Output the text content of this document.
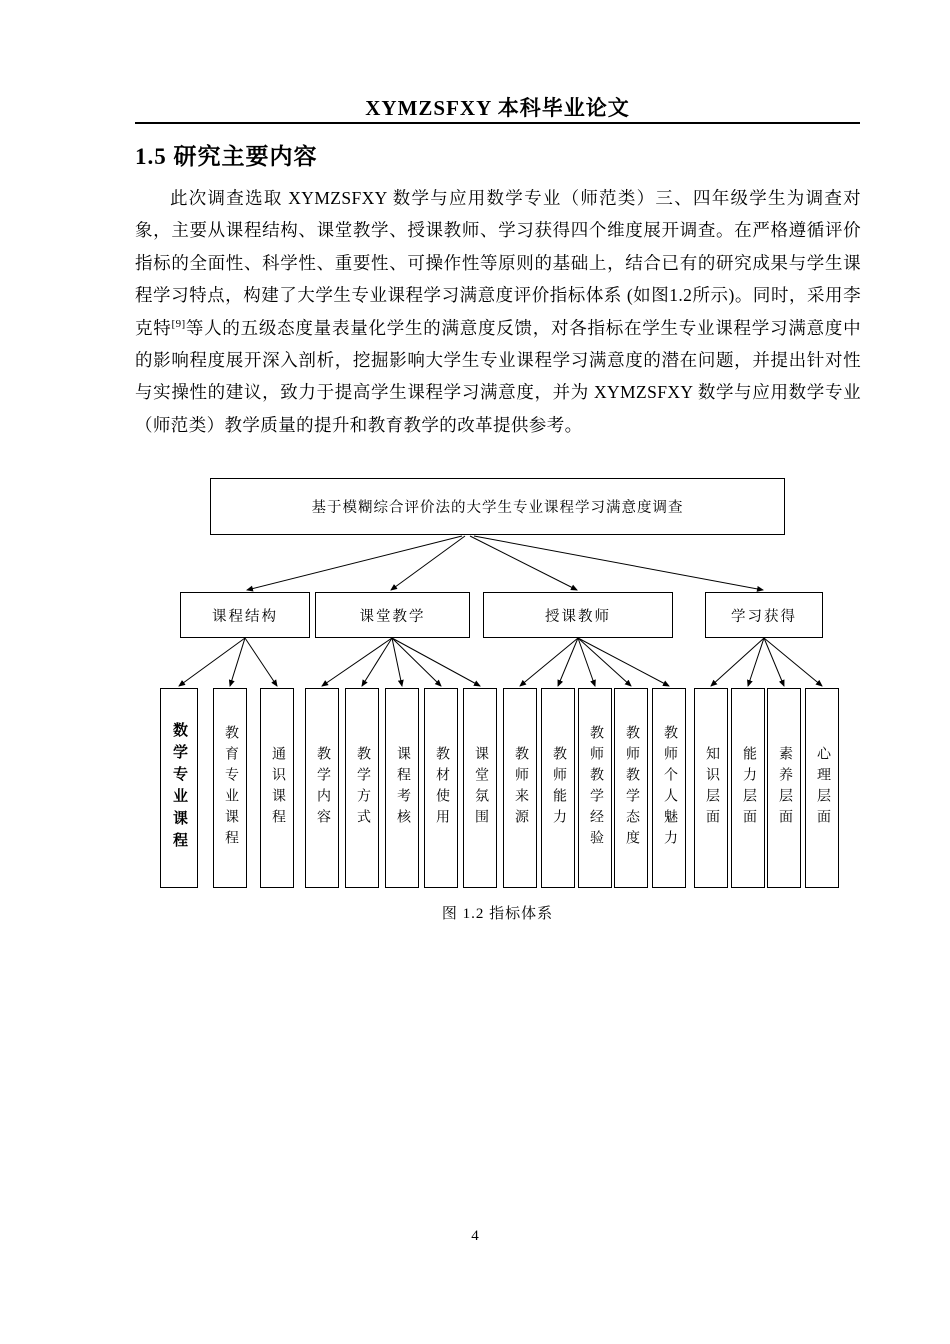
XYMZSFXY 本科毕业论文
1.5 研究主要内容

此次调查选取 XYMZSFXY 数学与应用数学专业（师范类）三、四年级学生为调查对象，主要从课程结构、课堂教学、授课教师、学习获得四个维度展开调查。在严格遵循评价指标的全面性、科学性、重要性、可操作性等原则的基础上，结合已有的研究成果与学生课程学习特点，构建了大学生专业课程学习满意度评价指标体系 (如图1.2所示)。同时，采用李克特[9]等人的五级态度量表量化学生的满意度反馈，对各指标在学生专业课程学习满意度中的影响程度展开深入剖析，挖掘影响大学生专业课程学习满意度的潜在问题，并提出针对性与实操性的建议，致力于提高学生课程学习满意度，并为 XYMZSFXY 数学与应用数学专业（师范类）教学质量的提升和教育教学的改革提供参考。

基于模糊综合评价法的大学生专业课程学习满意度调查
课程结构	课堂教学	授课教师	学习获得
数学专业课程	教育专业课程	通识课程	教学内容	教学方式	课程考核	教材使用	课堂氛围	教师来源	教师能力	教师教学经验	教师教学态度	教师个人魅力	知识层面	能力层面	素养层面	心理层面
图 1.2 指标体系
4
